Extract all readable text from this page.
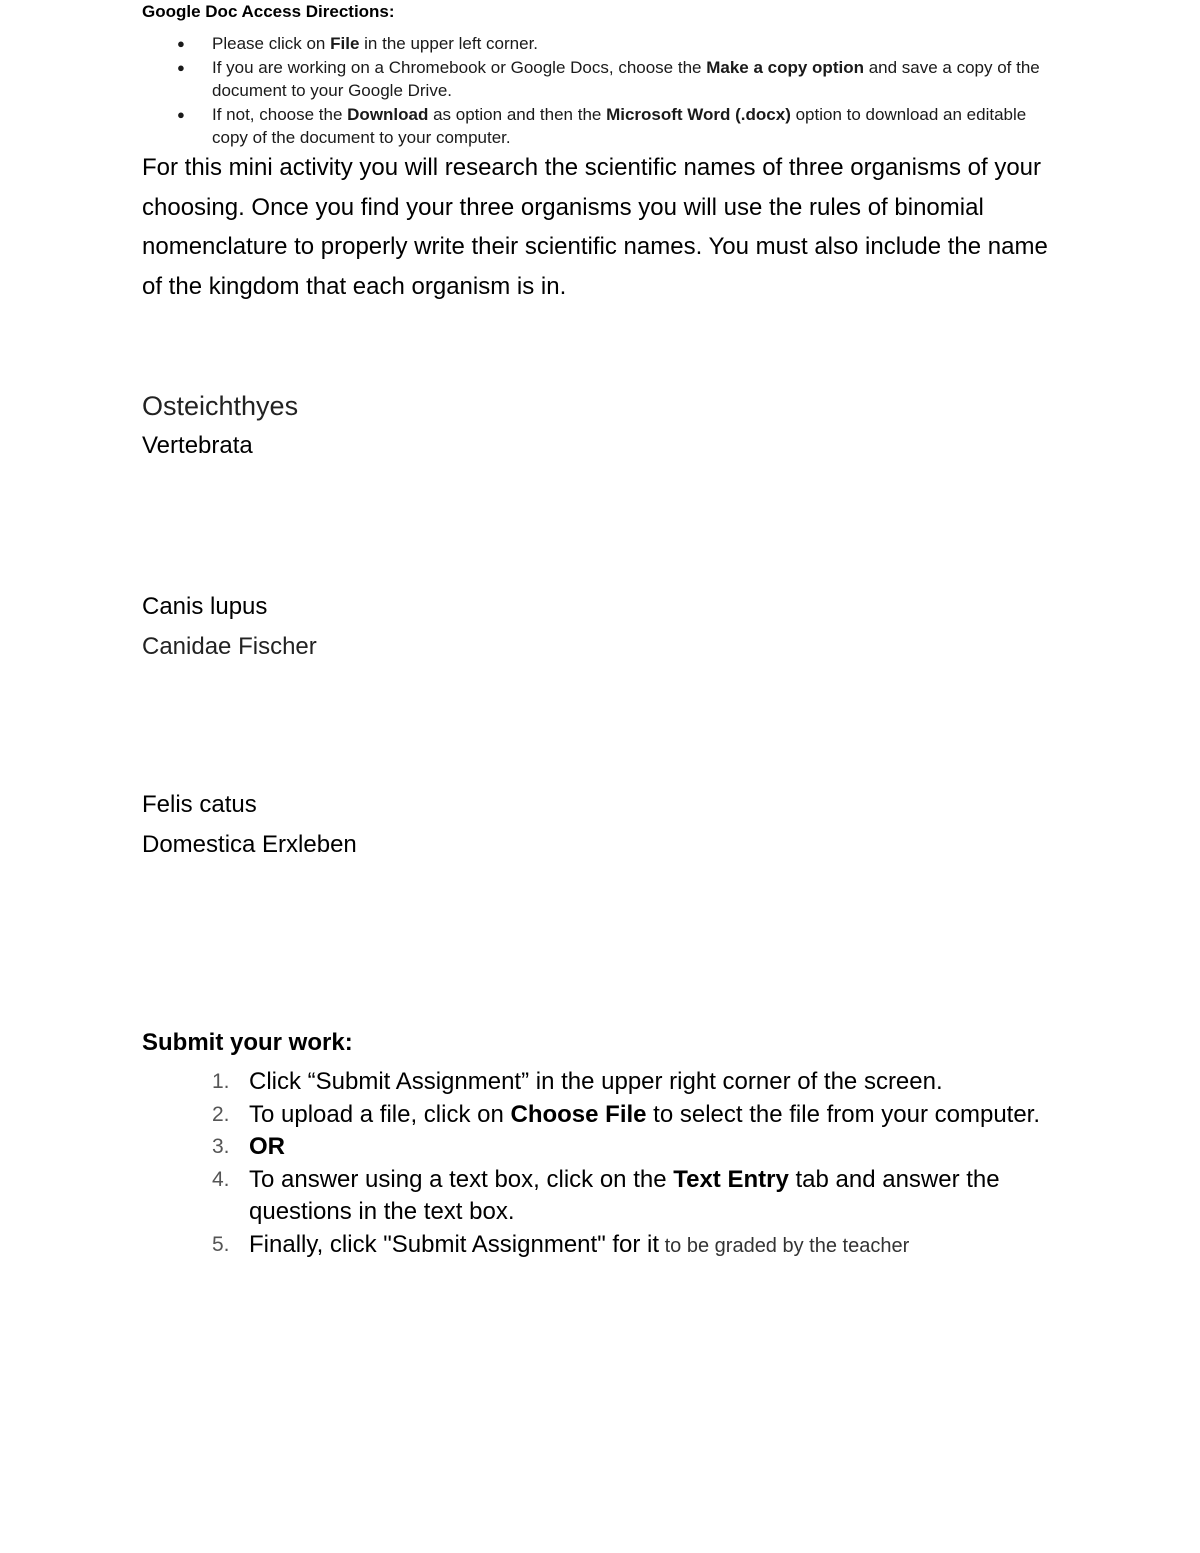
Google Doc Access Directions:
● Please click on File in the upper left corner.
● If you are working on a Chromebook or Google Docs, choose the Make a copy option and save a copy of the document to your Google Drive.
● If not, choose the Download as option and then the Microsoft Word (.docx) option to download an editable copy of the document to your computer.

For this mini activity you will research the scientific names of three organisms of your choosing. Once you find your three organisms you will use the rules of binomial nomenclature to properly write their scientific names. You must also include the name of the kingdom that each organism is in.

Osteichthyes
Vertebrata
Canis lupus
Canidae Fischer
Felis catus
Domestica Erxleben
Submit your work:
1. Click “Submit Assignment” in the upper right corner of the screen.
2. To upload a file, click on Choose File to select the file from your computer.
3. OR
4. To answer using a text box, click on the Text Entry tab and answer the questions in the text box.
5. Finally, click "Submit Assignment" for it to be graded by the teacher
